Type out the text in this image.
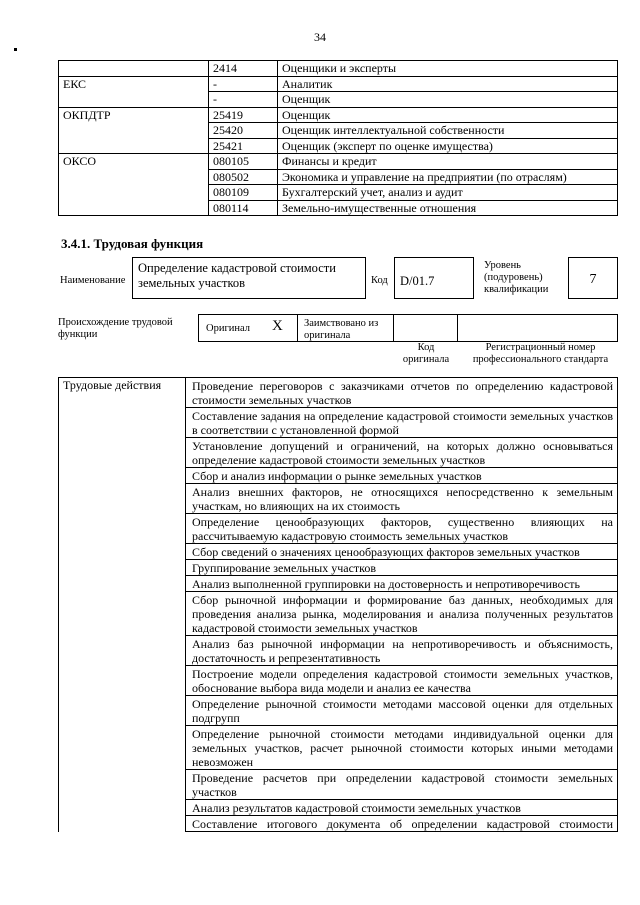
34
	2414	Оценщики и эксперты
ЕКС	-	Аналитик
	-	Оценщик
ОКПДТР	25419	Оценщик
	25420	Оценщик интеллектуальной собственности
	25421	Оценщик (эксперт по оценке имущества)
ОКСО	080105	Финансы и кредит
	080502	Экономика и управление на предприятии (по отраслям)
	080109	Бухгалтерский учет, анализ и аудит
	080114	Земельно-имущественные отношения
3.4.1. Трудовая функция
Наименование
Определение кадастровой стоимости земельных участков	Код D/01.7
Уровень (подуровень) квалификации
7
Происхождение трудовой функции
Оригинал X Заимствовано из оригинала
Код оригинала
Регистрационный номер профессионального стандарта
Трудовые действия	Проведение переговоров с заказчиками отчетов по определению кадастровой стоимости земельных участков
Составление задания на определение кадастровой стоимости земельных участков в соответствии с установленной формой
Установление допущений и ограничений, на которых должно основываться определение кадастровой стоимости земельных участков
Сбор и анализ информации о рынке земельных участков
Анализ внешних факторов, не относящихся непосредственно к земельным участкам, но влияющих на их стоимость
Определение ценообразующих факторов, существенно влияющих на рассчитываемую кадастровую стоимость земельных участков
Сбор сведений о значениях ценообразующих факторов земельных участков
Группирование земельных участков
Анализ выполненной группировки на достоверность и непротиворечивость
Сбор рыночной информации и формирование баз данных, необходимых для проведения анализа рынка, моделирования и анализа полученных результатов кадастровой стоимости земельных участков
Анализ баз рыночной информации на непротиворечивость и объяснимость, достаточность и репрезентативность
Построение модели определения кадастровой стоимости земельных участков, обоснование выбора вида модели и анализ ее качества
Определение рыночной стоимости методами массовой оценки для отдельных подгрупп
Определение рыночной стоимости методами индивидуальной оценки для земельных участков, расчет рыночной стоимости которых иными методами невозможен
Проведение расчетов при определении кадастровой стоимости земельных участков
Анализ результатов кадастровой стоимости земельных участков
Составление итогового документа об определении кадастровой стоимости
